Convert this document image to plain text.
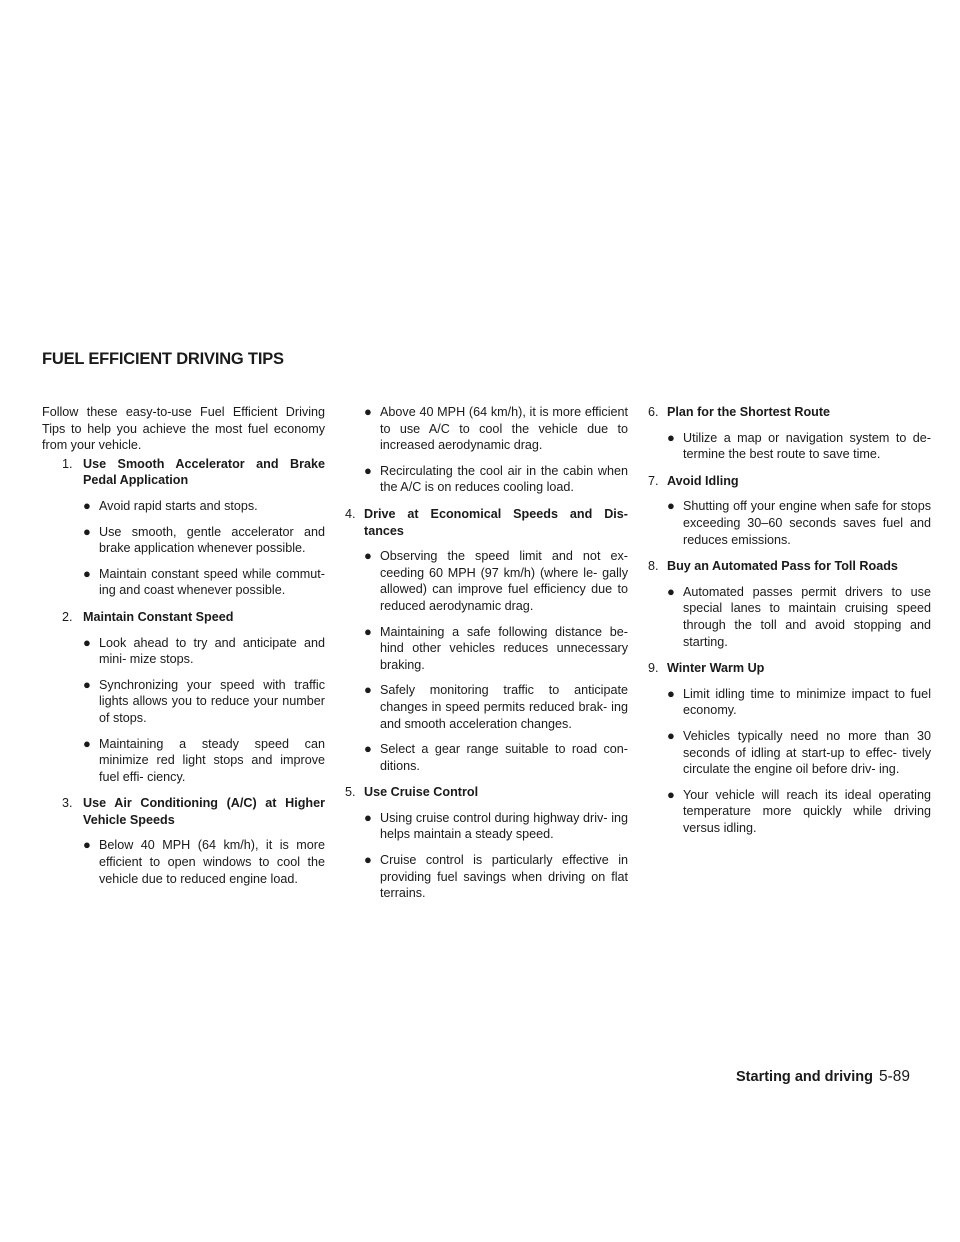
FUEL EFFICIENT DRIVING TIPS

Follow these easy-to-use Fuel Efficient Driving Tips to help you achieve the most fuel economy from your vehicle.

1. Use Smooth Accelerator and Brake Pedal Application
● Avoid rapid starts and stops.
● Use smooth, gentle accelerator and brake application whenever possible.
● Maintain constant speed while commut- ing and coast whenever possible.
2. Maintain Constant Speed
● Look ahead to try and anticipate and mini- mize stops.
● Synchronizing your speed with traffic lights allows you to reduce your number of stops.
● Maintaining a steady speed can minimize red light stops and improve fuel effi- ciency.
3. Use Air Conditioning (A/C) at Higher Vehicle Speeds
● Below 40 MPH (64 km/h), it is more efficient to open windows to cool the vehicle due to reduced engine load.
● Above 40 MPH (64 km/h), it is more efficient to use A/C to cool the vehicle due to increased aerodynamic drag.
● Recirculating the cool air in the cabin when the A/C is on reduces cooling load.
4. Drive at Economical Speeds and Dis- tances
● Observing the speed limit and not ex- ceeding 60 MPH (97 km/h) (where le- gally allowed) can improve fuel efficiency due to reduced aerodynamic drag.
● Maintaining a safe following distance be- hind other vehicles reduces unnecessary braking.
● Safely monitoring traffic to anticipate changes in speed permits reduced brak- ing and smooth acceleration changes.
● Select a gear range suitable to road con- ditions.
5. Use Cruise Control
● Using cruise control during highway driv- ing helps maintain a steady speed.
● Cruise control is particularly effective in providing fuel savings when driving on flat terrains.
6. Plan for the Shortest Route
● Utilize a map or navigation system to de- termine the best route to save time.
7. Avoid Idling
● Shutting off your engine when safe for stops exceeding 30–60 seconds saves fuel and reduces emissions.
8. Buy an Automated Pass for Toll Roads
● Automated passes permit drivers to use special lanes to maintain cruising speed through the toll and avoid stopping and starting.
9. Winter Warm Up
● Limit idling time to minimize impact to fuel economy.
● Vehicles typically need no more than 30 seconds of idling at start-up to effec- tively circulate the engine oil before driv- ing.
● Your vehicle will reach its ideal operating temperature more quickly while driving versus idling.
Starting and driving 5-89
